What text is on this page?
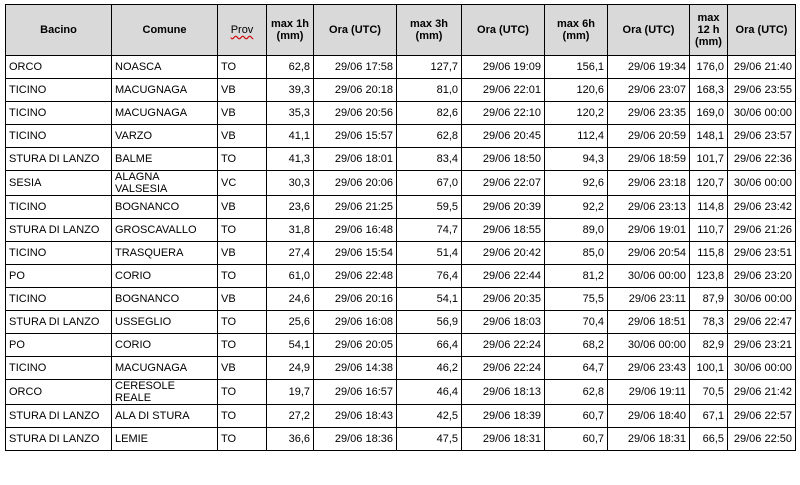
Bacino	Comune	Prov	max 1h (mm)	Ora (UTC)	max 3h (mm)	Ora (UTC)	max 6h (mm)	Ora (UTC)	max 12 h (mm)	Ora (UTC)
ORCO	NOASCA	TO	62,8	29/06 17:58	127,7	29/06 19:09	156,1	29/06 19:34	176,0	29/06 21:40
TICINO	MACUGNAGA	VB	39,3	29/06 20:18	81,0	29/06 22:01	120,6	29/06 23:07	168,3	29/06 23:55
TICINO	MACUGNAGA	VB	35,3	29/06 20:56	82,6	29/06 22:10	120,2	29/06 23:35	169,0	30/06 00:00
TICINO	VARZO	VB	41,1	29/06 15:57	62,8	29/06 20:45	112,4	29/06 20:59	148,1	29/06 23:57
STURA DI LANZO	BALME	TO	41,3	29/06 18:01	83,4	29/06 18:50	94,3	29/06 18:59	101,7	29/06 22:36
SESIA	ALAGNA VALSESIA	VC	30,3	29/06 20:06	67,0	29/06 22:07	92,6	29/06 23:18	120,7	30/06 00:00
TICINO	BOGNANCO	VB	23,6	29/06 21:25	59,5	29/06 20:39	92,2	29/06 23:13	114,8	29/06 23:42
STURA DI LANZO	GROSCAVALLO	TO	31,8	29/06 16:48	74,7	29/06 18:55	89,0	29/06 19:01	110,7	29/06 21:26
TICINO	TRASQUERA	VB	27,4	29/06 15:54	51,4	29/06 20:42	85,0	29/06 20:54	115,8	29/06 23:51
PO	CORIO	TO	61,0	29/06 22:48	76,4	29/06 22:44	81,2	30/06 00:00	123,8	29/06 23:20
TICINO	BOGNANCO	VB	24,6	29/06 20:16	54,1	29/06 20:35	75,5	29/06 23:11	87,9	30/06 00:00
STURA DI LANZO	USSEGLIO	TO	25,6	29/06 16:08	56,9	29/06 18:03	70,4	29/06 18:51	78,3	29/06 22:47
PO	CORIO	TO	54,1	29/06 20:05	66,4	29/06 22:24	68,2	30/06 00:00	82,9	29/06 23:21
TICINO	MACUGNAGA	VB	24,9	29/06 14:38	46,2	29/06 22:24	64,7	29/06 23:43	100,1	30/06 00:00
ORCO	CERESOLE REALE	TO	19,7	29/06 16:57	46,4	29/06 18:13	62,8	29/06 19:11	70,5	29/06 21:42
STURA DI LANZO	ALA DI STURA	TO	27,2	29/06 18:43	42,5	29/06 18:39	60,7	29/06 18:40	67,1	29/06 22:57
STURA DI LANZO	LEMIE	TO	36,6	29/06 18:36	47,5	29/06 18:31	60,7	29/06 18:31	66,5	29/06 22:50
